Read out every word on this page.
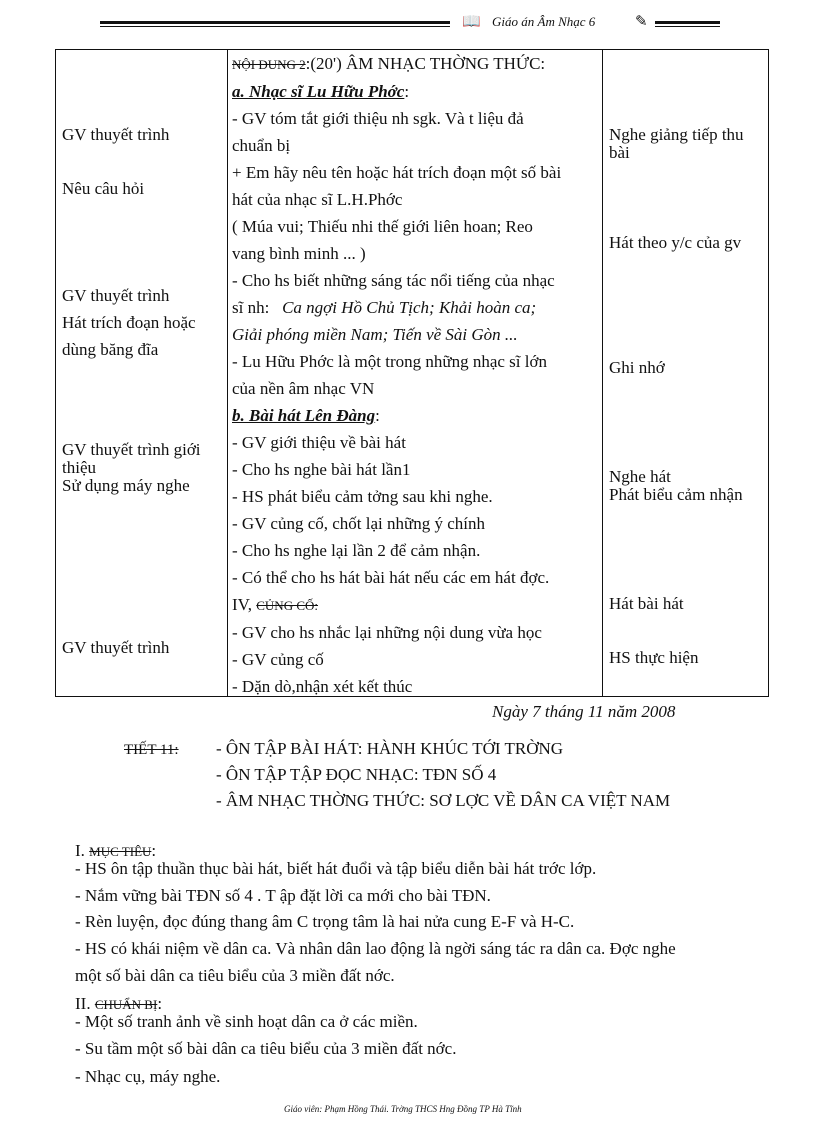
📖 Giáo án Âm Nhạc 6	✎
GV thuyết trình
Nêu câu hỏi
GV thuyết trình
Hát trích đoạn hoặc
dùng băng đĩa
GV thuyết trình giới
thiệu
Sử dụng máy nghe
GV thuyết trình
NỘI DUNG 2:(20') ÂM NHẠC THỜNG THỨC:
a. Nhạc sĩ Lu Hữu Phớc:
- GV tóm tắt giới thiệu nh sgk. Và t liệu đả
chuẩn bị
+ Em hãy nêu tên hoặc hát trích đoạn một số bài
hát của nhạc sĩ L.H.Phớc
( Múa vui; Thiếu nhi thế giới liên hoan; Reo
vang bình minh ... )
- Cho hs biết những sáng tác nổi tiếng của nhạc
sĩ nh: Ca ngợi Hồ Chủ Tịch; Khải hoàn ca;
Giải phóng miền Nam; Tiến về Sài Gòn ...
- Lu Hữu Phớc là một trong những nhạc sĩ lớn
của nền âm nhạc VN
b. Bài hát Lên Đàng:
- GV giới thiệu về bài hát
- Cho hs nghe bài hát lần1
- HS phát biểu cảm tởng sau khi nghe.
- GV củng cố, chốt lại những ý chính
- Cho hs nghe lại lần 2 để cảm nhận.
- Có thể cho hs hát bài hát nếu các em hát đợc.
IV, CỦNG CỐ:
- GV cho hs nhắc lại những nội dung vừa học
- GV củng cố
- Dặn dò,nhận xét kết thúc
Nghe giảng tiếp thu
bài
Hát theo y/c của gv
Ghi nhớ
Nghe hát
Phát biểu cảm nhận
Hát bài hát
HS thực hiện
Ngày 7 tháng 11 năm 2008
TIẾT 11: - ÔN TẬP BÀI HÁT: HÀNH KHÚC TỚI TRỜNG
- ÔN TẬP TẬP ĐỌC NHẠC: TĐN SỐ 4
- ÂM NHẠC THỜNG THỨC: SƠ LỢC VỀ DÂN CA VIỆT NAM
I. MỤC TIÊU:
- HS ôn tập thuần thục bài hát, biết hát đuổi và tập biểu diễn bài hát trớc lớp.
- Nắm vững bài TĐN số 4 . T ập đặt lời ca mới cho bài TĐN.
- Rèn luyện, đọc đúng thang âm C trọng tâm là hai nửa cung E-F và H-C.
- HS có khái niệm về dân ca. Và nhân dân lao động là ngời sáng tác ra dân ca. Đợc nghe
một số bài dân ca tiêu biểu của 3 miền đất nớc.
II. CHUẨN BỊ:
- Một số tranh ảnh về sinh hoạt dân ca ở các miền.
- Su tầm một số bài dân ca tiêu biểu của 3 miền đất nớc.
- Nhạc cụ, máy nghe.
Giáo viên: Phạm Hồng Thái. Trờng THCS Hng Đồng TP Hà Tĩnh
